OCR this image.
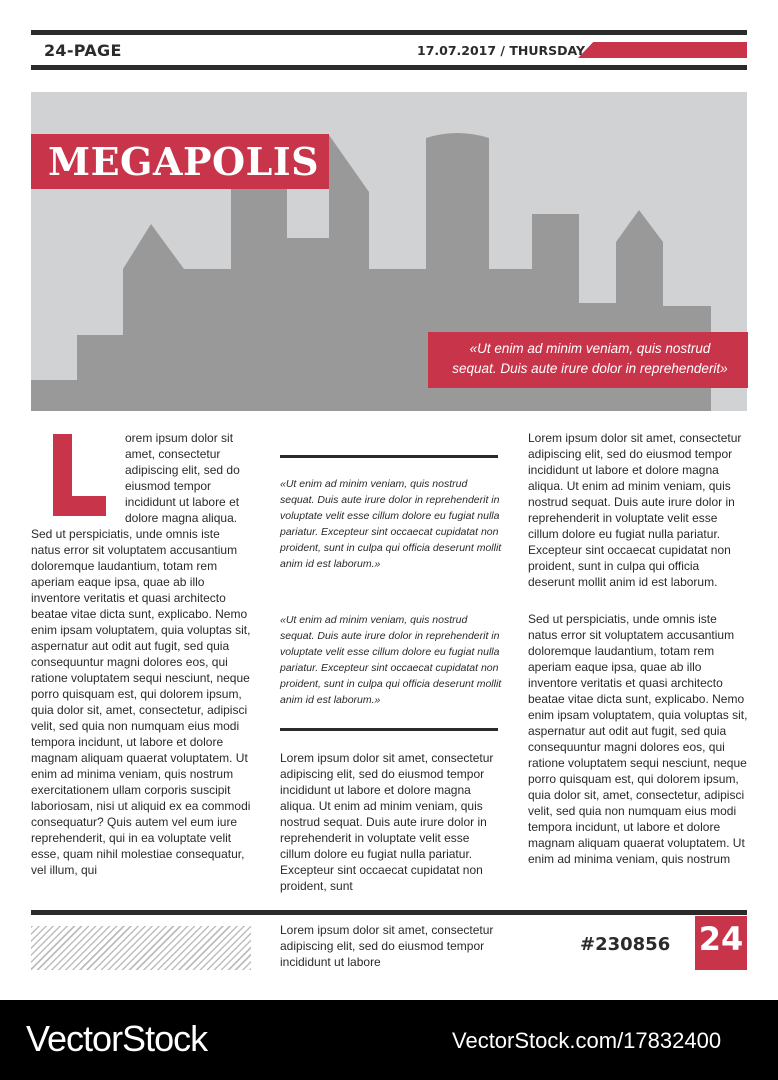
24-PAGE	17.07.2017 / THURSDAY
MEGAPOLIS
«Ut enim ad minim veniam, quis nostrud
sequat. Duis aute irure dolor in reprehenderit»
L

orem ipsum dolor sit amet, consectetur adipiscing elit, sed do eiusmod tempor incididunt ut labore et dolore magna aliqua.

Sed ut perspiciatis, unde omnis iste natus error sit voluptatem accusantium doloremque laudantium, totam rem aperiam eaque ipsa, quae ab illo inventore veritatis et quasi architecto beatae vitae dicta sunt, explicabo. Nemo enim ipsam voluptatem, quia voluptas sit, aspernatur aut odit aut fugit, sed quia consequuntur magni dolores eos, qui ratione voluptatem sequi nesciunt, neque porro quisquam est, qui dolorem ipsum, quia dolor sit, amet, consectetur, adipisci velit, sed quia non numquam eius modi tempora incidunt, ut labore et dolore magnam aliquam quaerat voluptatem. Ut enim ad minima veniam, quis nostrum exercitationem ullam corporis suscipit laboriosam, nisi ut aliquid ex ea commodi consequatur? Quis autem vel eum iure reprehenderit, qui in ea voluptate velit esse, quam nihil molestiae consequatur, vel illum, qui

«Ut enim ad minim veniam, quis nostrud sequat. Duis aute irure dolor in reprehenderit in voluptate velit esse cillum dolore eu fugiat nulla pariatur. Excepteur sint occaecat cupidatat non proident, sunt in culpa qui officia deserunt mollit anim id est laborum.»

«Ut enim ad minim veniam, quis nostrud sequat. Duis aute irure dolor in reprehenderit in voluptate velit esse cillum dolore eu fugiat nulla pariatur. Excepteur sint occaecat cupidatat non proident, sunt in culpa qui officia deserunt mollit anim id est laborum.»

Lorem ipsum dolor sit amet, consectetur adipiscing elit, sed do eiusmod tempor incididunt ut labore et dolore magna aliqua. Ut enim ad minim veniam, quis nostrud sequat. Duis aute irure dolor in reprehenderit in voluptate velit esse cillum dolore eu fugiat nulla pariatur. Excepteur sint occaecat cupidatat non proident, sunt

Lorem ipsum dolor sit amet, consectetur adipiscing elit, sed do eiusmod tempor incididunt ut labore et dolore magna aliqua. Ut enim ad minim veniam, quis nostrud sequat. Duis aute irure dolor in reprehenderit in voluptate velit esse cillum dolore eu fugiat nulla pariatur. Excepteur sint occaecat cupidatat non proident, sunt in culpa qui officia deserunt mollit anim id est laborum.

Sed ut perspiciatis, unde omnis iste natus error sit voluptatem accusantium doloremque laudantium, totam rem aperiam eaque ipsa, quae ab illo inventore veritatis et quasi architecto beatae vitae dicta sunt, explicabo. Nemo enim ipsam voluptatem, quia voluptas sit, aspernatur aut odit aut fugit, sed quia consequuntur magni dolores eos, qui ratione voluptatem sequi nesciunt, neque porro quisquam est, qui dolorem ipsum, quia dolor sit, amet, consectetur, adipisci velit, sed quia non numquam eius modi tempora incidunt, ut labore et dolore magnam aliquam quaerat voluptatem. Ut enim ad minima veniam, quis nostrum

Lorem ipsum dolor sit amet, consectetur adipiscing elit, sed do eiusmod tempor incididunt ut labore

#230856 24
VectorStock	VectorStock.com/17832400
